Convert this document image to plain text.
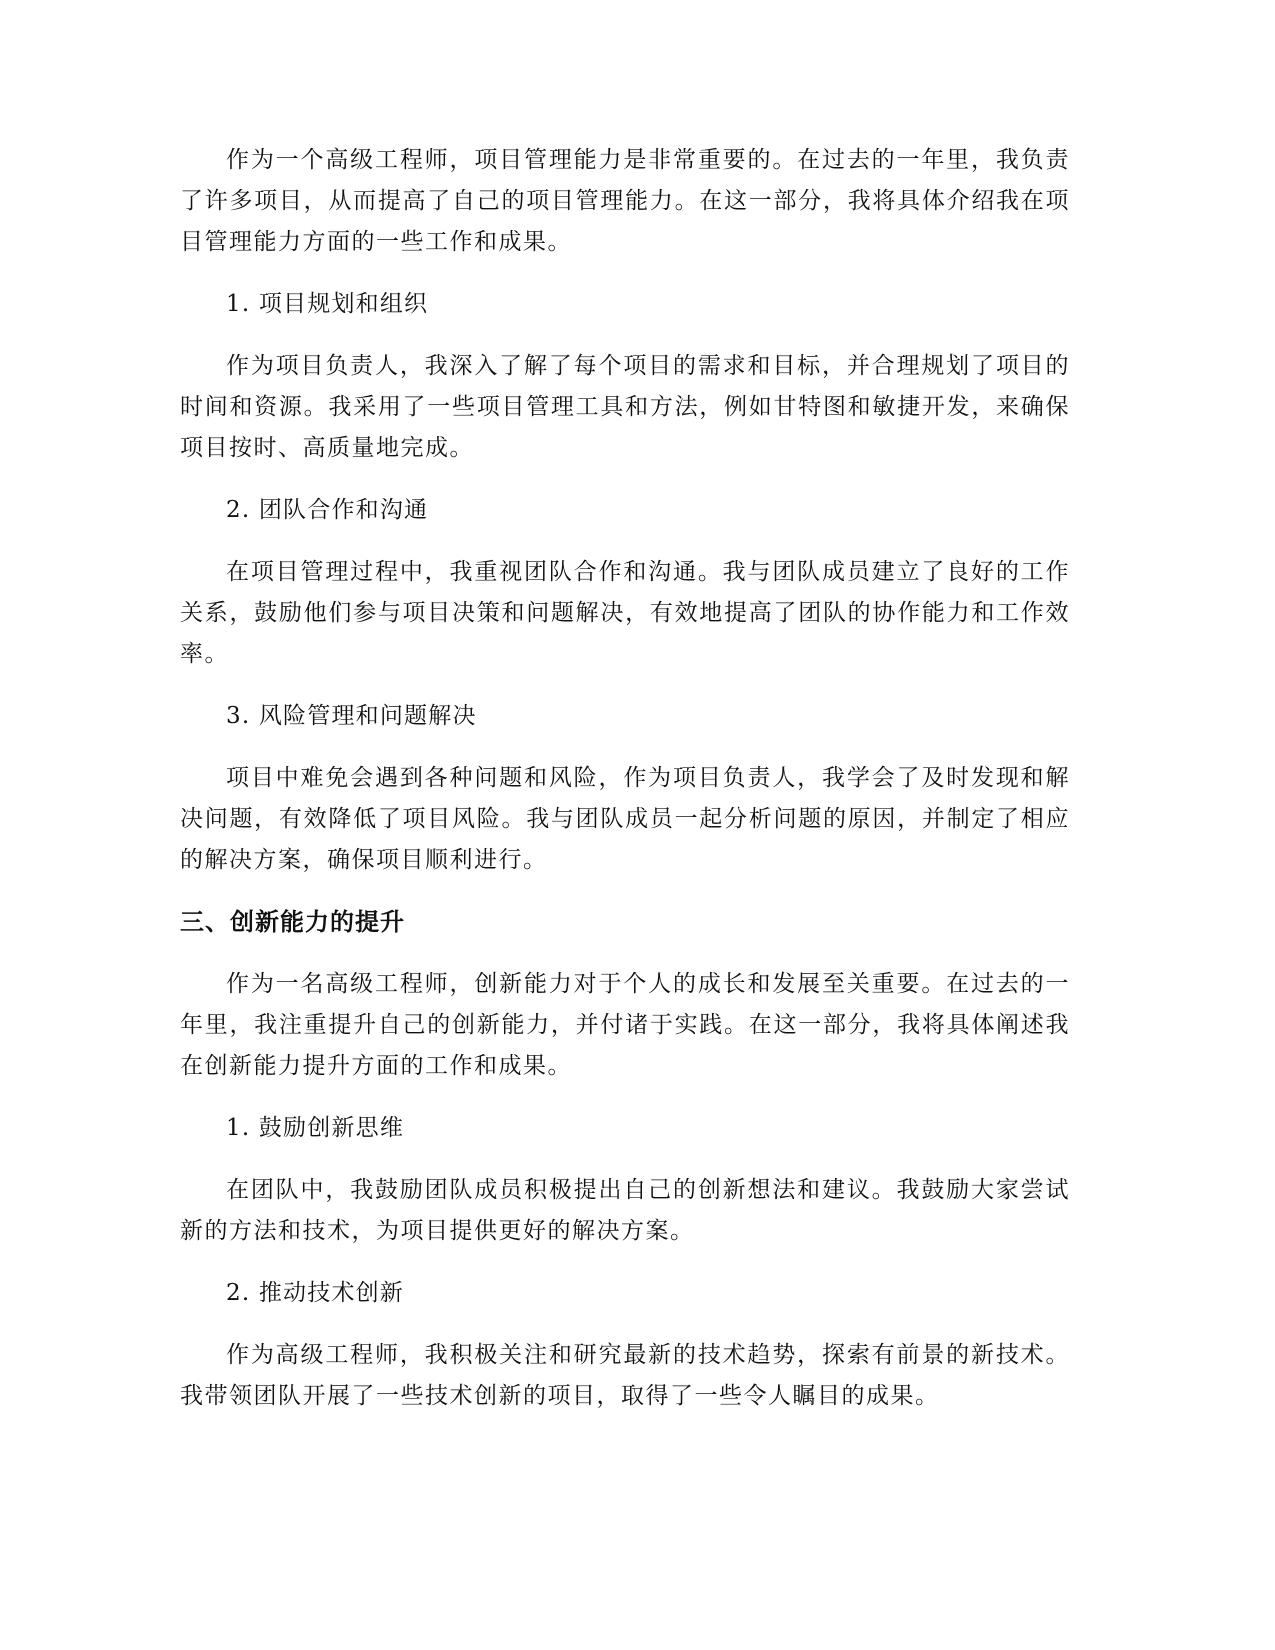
作为一个高级工程师，项目管理能力是非常重要的。在过去的一年里，我负责了许多项目，从而提高了自己的项目管理能力。在这一部分，我将具体介绍我在项目管理能力方面的一些工作和成果。

1. 项目规划和组织

作为项目负责人，我深入了解了每个项目的需求和目标，并合理规划了项目的时间和资源。我采用了一些项目管理工具和方法，例如甘特图和敏捷开发，来确保项目按时、高质量地完成。

2. 团队合作和沟通

在项目管理过程中，我重视团队合作和沟通。我与团队成员建立了良好的工作关系，鼓励他们参与项目决策和问题解决，有效地提高了团队的协作能力和工作效率。

3. 风险管理和问题解决

项目中难免会遇到各种问题和风险，作为项目负责人，我学会了及时发现和解决问题，有效降低了项目风险。我与团队成员一起分析问题的原因，并制定了相应的解决方案，确保项目顺利进行。

三、创新能力的提升

作为一名高级工程师，创新能力对于个人的成长和发展至关重要。在过去的一年里，我注重提升自己的创新能力，并付诸于实践。在这一部分，我将具体阐述我在创新能力提升方面的工作和成果。

1. 鼓励创新思维

在团队中，我鼓励团队成员积极提出自己的创新想法和建议。我鼓励大家尝试新的方法和技术，为项目提供更好的解决方案。

2. 推动技术创新

作为高级工程师，我积极关注和研究最新的技术趋势，探索有前景的新技术。我带领团队开展了一些技术创新的项目，取得了一些令人瞩目的成果。
